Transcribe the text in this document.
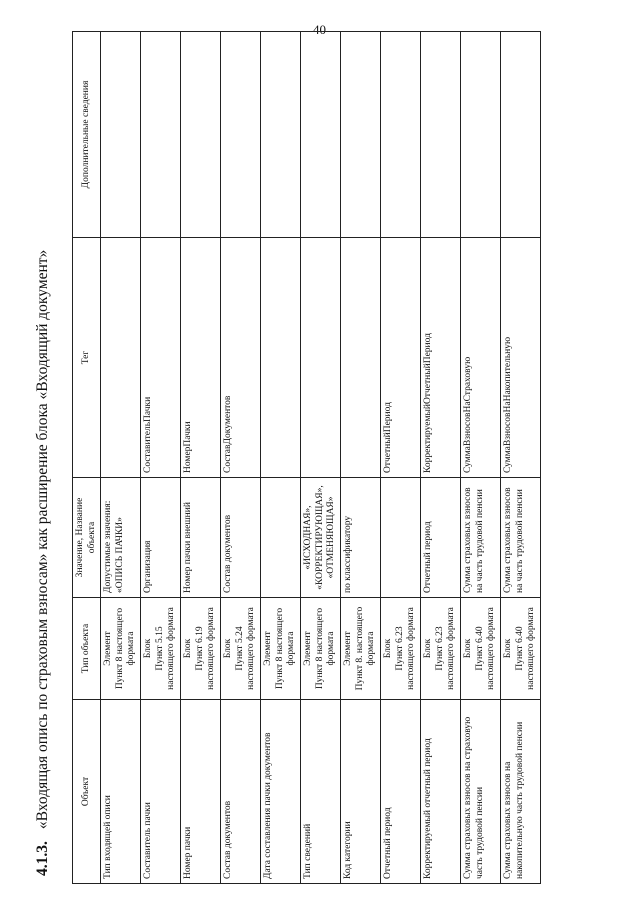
40
4.1.3.«Входящая опись по страховым взносам» как расширение блока «Входящий документ»	Объект	Тип объекта	Значение, Название объекта	Тег	Дополнительные сведения
Тип входящей описи	Элемент
Пункт 8 настоящего
формата	Допустимые значения:
«ОПИСЬ ПАЧКИ»		
Составитель пачки	Блок
Пункт 5.15
настоящего формата	Организация	СоставительПачки	
Номер пачки	Блок
Пункт 6.19
настоящего формата	Номер пачки внешний	НомерПачки	
Состав документов	Блок
Пункт 5.24
настоящего формата	Состав документов	СоставДокументов	
Дата составления пачки документов	Элемент
Пункт 8 настоящего
формата			
Тип сведений	Элемент
Пункт 8 настоящего
формата	«ИСХОДНАЯ»,
«КОРРЕКТИРУЮЩАЯ»,
«ОТМЕНЯЮЩАЯ»		
Код категории	Элемент
Пункт 8. настоящего
формата	по классификатору		
Отчетный период	Блок
Пункт 6.23
настоящего формата		ОтчетныйПериод	
Корректируемый отчетный период	Блок
Пункт 6.23
настоящего формата	Отчетный период	КорректируемыйОтчетныйПериод	
Сумма страховых взносов на страховую часть трудовой пенсии	Блок
Пункт 6.40
настоящего формата	Сумма страховых взносов на часть трудовой пенсии	СуммаВзносовНаСтраховую	
Сумма страховых взносов на накопительную часть трудовой пенсии	Блок
Пункт 6.40
настоящего формата	Сумма страховых взносов на часть трудовой пенсии	СуммаВзносовНаНакопительную	
